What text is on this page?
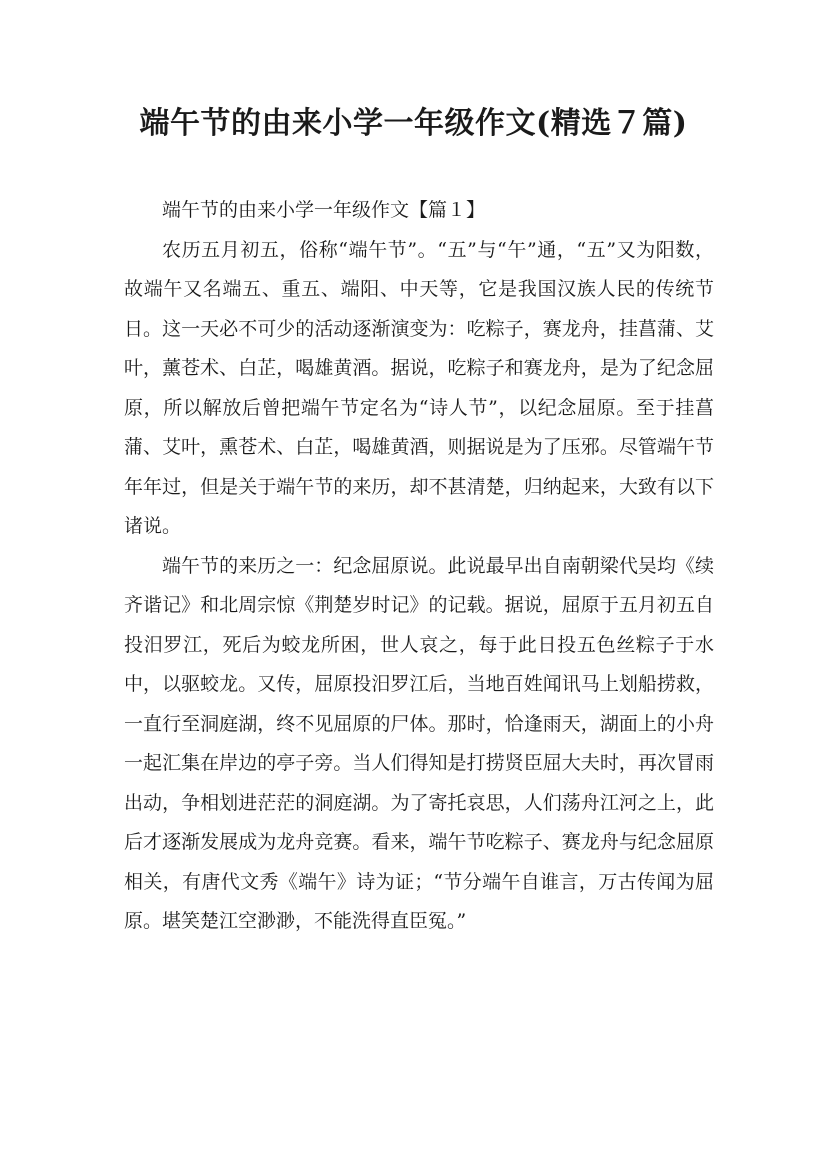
端午节的由来小学一年级作文(精选７篇)

端午节的由来小学一年级作文【篇１】

农历五月初五，俗称“端午节”。“五”与“午”通，“五”又为阳数，故端午又名端五、重五、端阳、中天等，它是我国汉族人民的传统节日。这一天必不可少的活动逐渐演变为：吃粽子，赛龙舟，挂菖蒲、艾叶，薰苍术、白芷，喝雄黄酒。据说，吃粽子和赛龙舟，是为了纪念屈原，所以解放后曾把端午节定名为“诗人节”，以纪念屈原。至于挂菖蒲、艾叶，熏苍术、白芷，喝雄黄酒，则据说是为了压邪。尽管端午节年年过，但是关于端午节的来历，却不甚清楚，归纳起来，大致有以下诸说。

端午节的来历之一：纪念屈原说。此说最早出自南朝梁代吴均《续齐谐记》和北周宗惊《荆楚岁时记》的记载。据说，屈原于五月初五自投汨罗江，死后为蛟龙所困，世人哀之，每于此日投五色丝粽子于水中，以驱蛟龙。又传，屈原投汨罗江后，当地百姓闻讯马上划船捞救，一直行至洞庭湖，终不见屈原的尸体。那时，恰逢雨天，湖面上的小舟一起汇集在岸边的亭子旁。当人们得知是打捞贤臣屈大夫时，再次冒雨出动，争相划进茫茫的洞庭湖。为了寄托哀思，人们荡舟江河之上，此后才逐渐发展成为龙舟竞赛。看来，端午节吃粽子、赛龙舟与纪念屈原相关，有唐代文秀《端午》诗为证；“节分端午自谁言，万古传闻为屈原。堪笑楚江空渺渺，不能洗得直臣冤。”
